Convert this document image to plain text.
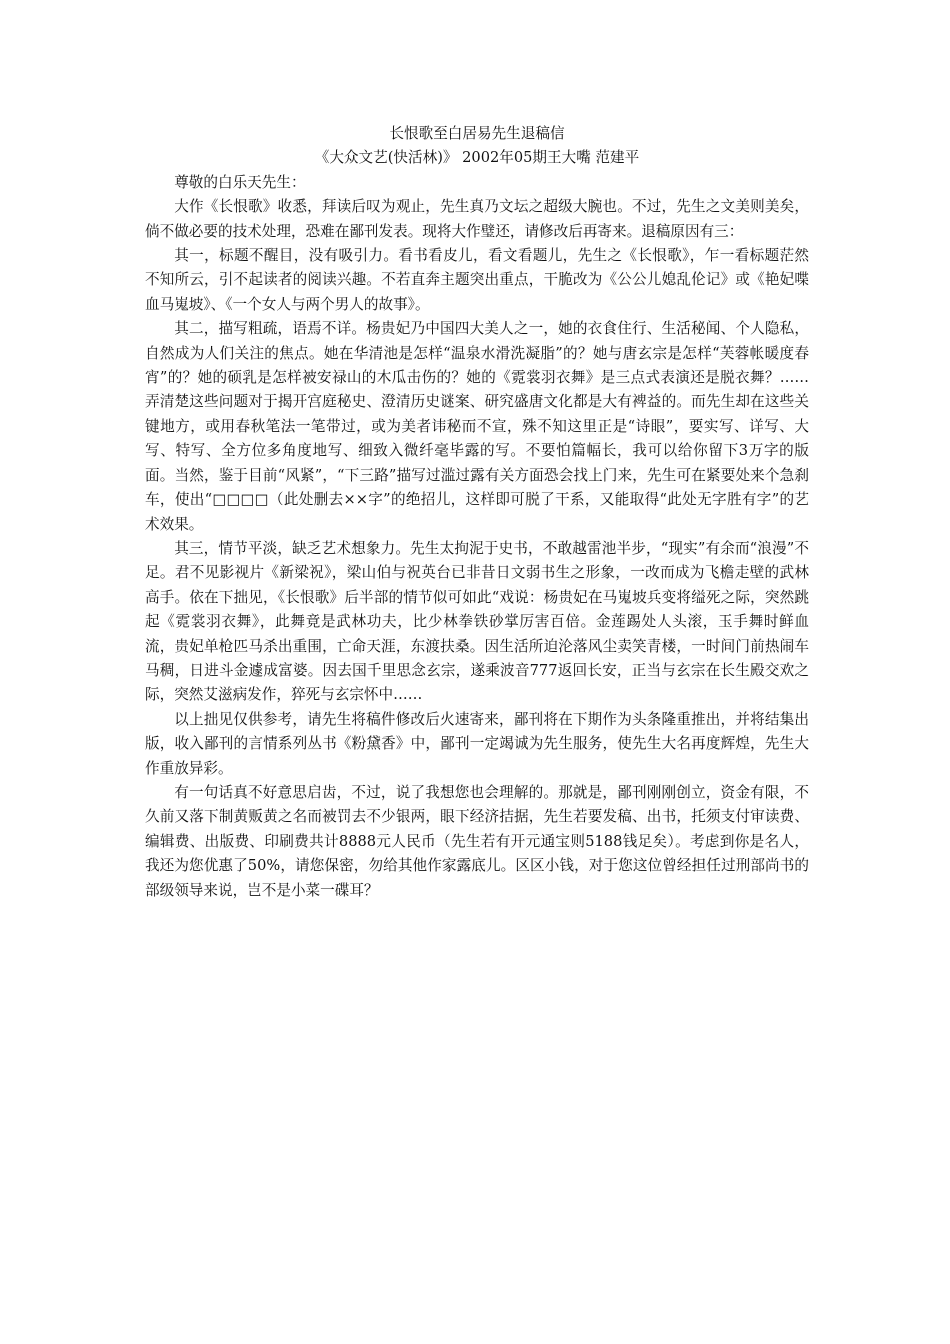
长恨歌至白居易先生退稿信

《大众文艺(快活林)》 2002年05期王大嘴 范建平

尊敬的白乐天先生：

大作《长恨歌》收悉，拜读后叹为观止，先生真乃文坛之超级大腕也。不过，先生之文美则美矣，倘不做必要的技术处理，恐难在鄙刊发表。现将大作璧还，请修改后再寄来。退稿原因有三：

其一，标题不醒目，没有吸引力。看书看皮儿，看文看题儿，先生之《长恨歌》，乍一看标题茫然不知所云，引不起读者的阅读兴趣。不若直奔主题突出重点，干脆改为《公公儿媳乱伦记》或《艳妃喋血马嵬坡》、《一个女人与两个男人的故事》。

其二，描写粗疏，语焉不详。杨贵妃乃中国四大美人之一，她的衣食住行、生活秘闻、个人隐私，自然成为人们关注的焦点。她在华清池是怎样“温泉水滑洗凝脂”的？她与唐玄宗是怎样“芙蓉帐暖度春宵”的？她的硕乳是怎样被安禄山的木瓜击伤的？她的《霓裳羽衣舞》是三点式表演还是脱衣舞？……弄清楚这些问题对于揭开宫庭秘史、澄清历史谜案、研究盛唐文化都是大有裨益的。而先生却在这些关键地方，或用春秋笔法一笔带过，或为美者讳秘而不宣，殊不知这里正是“诗眼”，要实写、详写、大写、特写、全方位多角度地写、细致入微纤毫毕露的写。不要怕篇幅长，我可以给你留下3万字的版面。当然，鉴于目前“风紧”，“下三路”描写过滥过露有关方面恐会找上门来，先生可在紧要处来个急刹车，使出“□□□□（此处删去××字”的绝招儿，这样即可脱了干系，又能取得“此处无字胜有字”的艺术效果。

其三，情节平淡，缺乏艺术想象力。先生太拘泥于史书，不敢越雷池半步，“现实”有余而“浪漫”不足。君不见影视片《新梁祝》，梁山伯与祝英台已非昔日文弱书生之形象，一改而成为飞檐走壁的武林高手。依在下拙见，《长恨歌》后半部的情节似可如此“戏说：杨贵妃在马嵬坡兵变将缢死之际，突然跳起《霓裳羽衣舞》，此舞竟是武林功夫，比少林拳铁砂掌厉害百倍。金莲踢处人头滚，玉手舞时鲜血流，贵妃单枪匹马杀出重围，亡命天涯，东渡扶桑。因生活所迫沦落风尘卖笑青楼，一时间门前热闹车马稠，日进斗金遽成富婆。因去国千里思念玄宗，遂乘波音777返回长安，正当与玄宗在长生殿交欢之际，突然艾滋病发作，猝死与玄宗怀中……

以上拙见仅供参考，请先生将稿件修改后火速寄来，鄙刊将在下期作为头条隆重推出，并将结集出版，收入鄙刊的言情系列丛书《粉黛香》中，鄙刊一定竭诚为先生服务，使先生大名再度辉煌，先生大作重放异彩。

有一句话真不好意思启齿，不过，说了我想您也会理解的。那就是，鄙刊刚刚创立，资金有限，不久前又落下制黄贩黄之名而被罚去不少银两，眼下经济拮据，先生若要发稿、出书，托须支付审读费、编辑费、出版费、印刷费共计8888元人民币（先生若有开元通宝则5188钱足矣）。考虑到你是名人，我还为您优惠了50%，请您保密，勿给其他作家露底儿。区区小钱，对于您这位曾经担任过刑部尚书的部级领导来说，岂不是小菜一碟耳？
